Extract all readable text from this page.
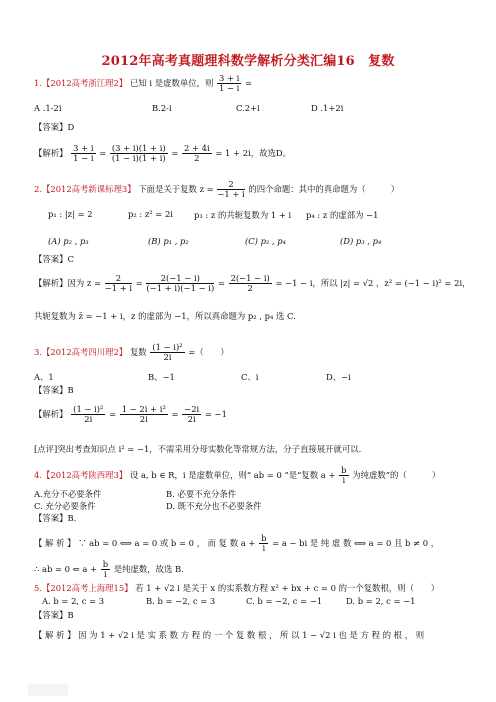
2012年高考真题理科数学解析分类汇编16　复数
1.【2012高考浙江理2】 已知 i 是虚数单位，则 $\frac{3 + i}{1 - i}$ =
A .1-2i	B.2-i	C.2+i	D .1+2i
【答案】D
【解析】 $\frac{3 + i}{1 - i} = \frac{(3 + i)(1 + i)}{(1 - i)(1 + i)} = \frac{2 + 4i}{2} = 1 + 2i$，故选D。
2.【2012高考新课标理3】 下面是关于复数 $z = \frac{2}{-1 + i}$ 的四个命题：其中的真命题为（　　　）
p₁ : |z| = 2	p₂ : z² = 2i	p₃ : z 的共轭复数为 1 + i p₄ : z 的虚部为 −1
(A) p₂ , p₃	(B) p₁ , p₂	(C) p₂ , p₄	(D) p₃ , p₄
【答案】C
【解析】因为 $z = \frac{2}{-1 + i} = \frac{2(-1 - i)}{(-1 + i)(-1 - i)} = \frac{2(-1 - i)}{2} = -1 - i$，所以 |z| = √2 ，z² = (−1 − i)² = 2i，
共轭复数为 z̄ = −1 + i，z 的虚部为 −1，所以真命题为 p₂ , p₄ 选 C.
3.【2012高考四川理2】 复数 $\frac{\text{(1 − i)²}}{2i}$ =（　　）
A、1	B、−1	C、i	D、−i
【答案】B
【解析】 $\frac{\text{(1 − i)²}}{2i} = \frac{\text{1 − 2i + i²}}{2i} = \frac{-2i}{2i} = -1$
[点评]突出考查知识点 i² = −1，不需采用分母实数化等常规方法，分子直接展开就可以.
4.【2012高考陕西理3】 设 a, b ∈ R，i 是虚数单位，则“ ab = 0 ”是“复数 $a + \frac{b}{i}$ 为纯虚数”的（　　　）
A.充分不必要条件	B. 必要不充分条件
C. 充分必要条件	D. 既不充分也不必要条件
【答案】B.
【 解 析 】 ∵ ab = 0 ⟺ a = 0 或 b = 0 ， 而 复 数 $a + \frac{b}{i} = a$ − bi 是 纯 虚 数 ⟺ a = 0 且 b ≠ 0 ，
∴ ab = 0 ⇐ $a + \frac{b}{i}$ 是纯虚数，故选 B.
5.【2012高考上海理15】 若 1 + √2 i 是关于 x 的实系数方程 x² + bx + c = 0 的一个复数根，则（　　）
A. b = 2, c = 3	B. b = −2, c = 3	C. b = −2, c = −1	D. b = 2, c = −1
【答案】B
【 解 析 】 因 为 1 + √2 i 是 实 系 数 方 程 的 一 个 复 数 根 ， 所 以 1 − √2 i 也 是 方 程 的 根 ， 则
